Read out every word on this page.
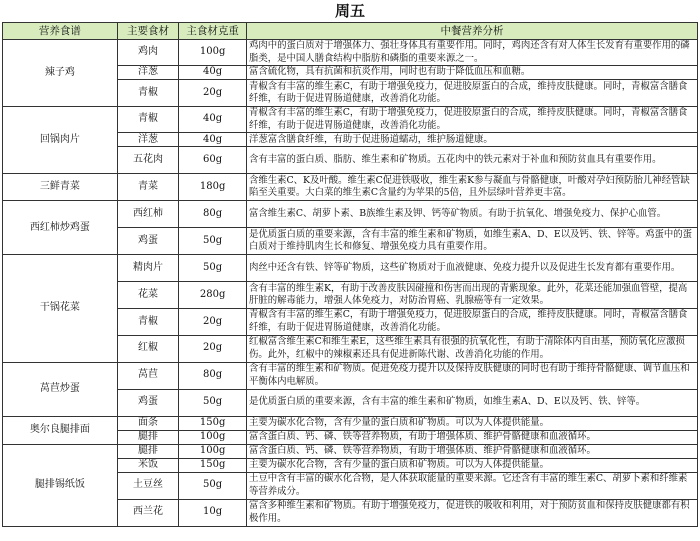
周五
营养食谱	主要食材	主食材克重	中餐营养分析
辣子鸡	鸡肉	100g	鸡肉中的蛋白质对于增强体力、强壮身体具有重要作用。同时，鸡肉还含有对人体生长发育有重要作用的磷脂类，是中国人膳食结构中脂肪和磷脂的重要来源之一。
	洋葱	40g	富含硫化物，具有抗菌和抗炎作用，同时也有助于降低血压和血糖。
	青椒	20g	青椒含有丰富的维生素C，有助于增强免疫力，促进胶原蛋白的合成，维持皮肤健康。同时，青椒富含膳食纤维，有助于促进胃肠道健康，改善消化功能。
回锅肉片	青椒	40g	青椒含有丰富的维生素C，有助于增强免疫力，促进胶原蛋白的合成，维持皮肤健康。同时，青椒富含膳食纤维，有助于促进胃肠道健康，改善消化功能。
	洋葱	40g	洋葱富含膳食纤维，有助于促进肠道蠕动，维护肠道健康。
	五花肉	60g	含有丰富的蛋白质、脂肪、维生素和矿物质。五花肉中的铁元素对于补血和预防贫血具有重要作用。
三鲜青菜	青菜	180g	含维生素C、K及叶酸。维生素C促进铁吸收，维生素K参与凝血与骨骼健康，叶酸对孕妇预防胎儿神经管缺陷至关重要。大白菜的维生素C含量约为苹果的5倍，且外层绿叶营养更丰富。
西红柿炒鸡蛋	西红柿	80g	富含维生素C、胡萝卜素、B族维生素及钾、钙等矿物质。有助于抗氧化、增强免疫力、保护心血管。
	鸡蛋	50g	是优质蛋白质的重要来源，含有丰富的维生素和矿物质，如维生素A、D、E以及钙、铁、锌等。鸡蛋中的蛋白质对于维持肌肉生长和修复、增强免疫力具有重要作用。
干锅花菜	精肉片	50g	肉丝中还含有铁、锌等矿物质，这些矿物质对于血液健康、免疫力提升以及促进生长发育都有重要作用。
	花菜	280g	含有丰富的维生素K，有助于改善皮肤因碰撞和伤害而出现的青紫现象。此外，花菜还能加强血管壁，提高肝脏的解毒能力，增强人体免疫力，对防治胃癌、乳腺癌等有一定效果。
	青椒	20g	青椒含有丰富的维生素C，有助于增强免疫力，促进胶原蛋白的合成，维持皮肤健康。同时，青椒富含膳食纤维，有助于促进胃肠道健康，改善消化功能。
	红椒	20g	红椒富含维生素C和维生素E，这些维生素具有很强的抗氧化性，有助于清除体内自由基，预防氧化应激损伤。此外，红椒中的辣椒素还具有促进新陈代谢、改善消化功能的作用。
莴苣炒蛋	莴苣	80g	含有丰富的维生素和矿物质。促进免疫力提升以及保持皮肤健康的同时也有助于维持骨骼健康、调节血压和平衡体内电解质。
	鸡蛋	50g	是优质蛋白质的重要来源，含有丰富的维生素和矿物质，如维生素A、D、E以及钙、铁、锌等。
奥尔良腿排面	面条	150g	主要为碳水化合物，含有少量的蛋白质和矿物质。可以为人体提供能量。
	腿排	100g	富含蛋白质、钙、磷、铁等营养物质，有助于增强体质、维护骨骼健康和血液循环。
腿排锡纸饭	腿排	100g	富含蛋白质、钙、磷、铁等营养物质，有助于增强体质、维护骨骼健康和血液循环。
	米饭	150g	主要为碳水化合物，含有少量的蛋白质和矿物质。可以为人体提供能量。
	土豆丝	50g	土豆中含有丰富的碳水化合物，是人体获取能量的重要来源。它还含有丰富的维生素C、胡萝卜素和纤维素等营养成分。
	西兰花	10g	富含多种维生素和矿物质。有助于增强免疫力，促进铁的吸收和利用，对于预防贫血和保持皮肤健康都有积极作用。
